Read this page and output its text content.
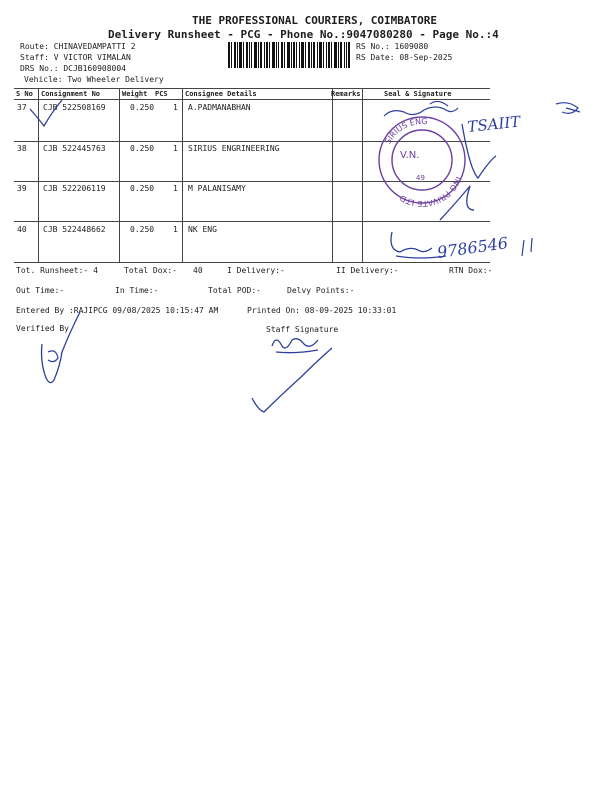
THE PROFESSIONAL COURIERS, COIMBATORE
Delivery Runsheet - PCG - Phone No.:9047080280 - Page No.:4
Route: CHINAVEDAMPATTI 2
Staff: V VICTOR VIMALAN
DRS No.: DCJB160908004
Vehicle: Two Wheeler Delivery
RS No.: 1609080
RS Date: 08-Sep-2025
S No Consignment No	Weight PCS Consignee Details	Remarks	Seal & Signature
37 CJB 522508169	0.250 1 A.PADMANABHAN
38 CJB 522445763	0.250 1 SIRIUS ENGRINEERING
39 CJB 522206119	0.250 1 M PALANISAMY
40 CJB 522448662	0.250 1 NK ENG
Tot. Runsheet:- 4	Total Dox:- 40	I Delivery:-	II Delivery:-	RTN Dox:-
Out Time:-	In Time:-	Total POD:-	Delvy Points:-
Entered By :RAJIPCG 09/08/2025 10:15:47 AM	Printed On: 08-09-2025 10:33:01
Verified By	Staff Signature
SIRIUS ENG
ING PRIVATE LTD
V.N.
49
TSAIIT
9786546
